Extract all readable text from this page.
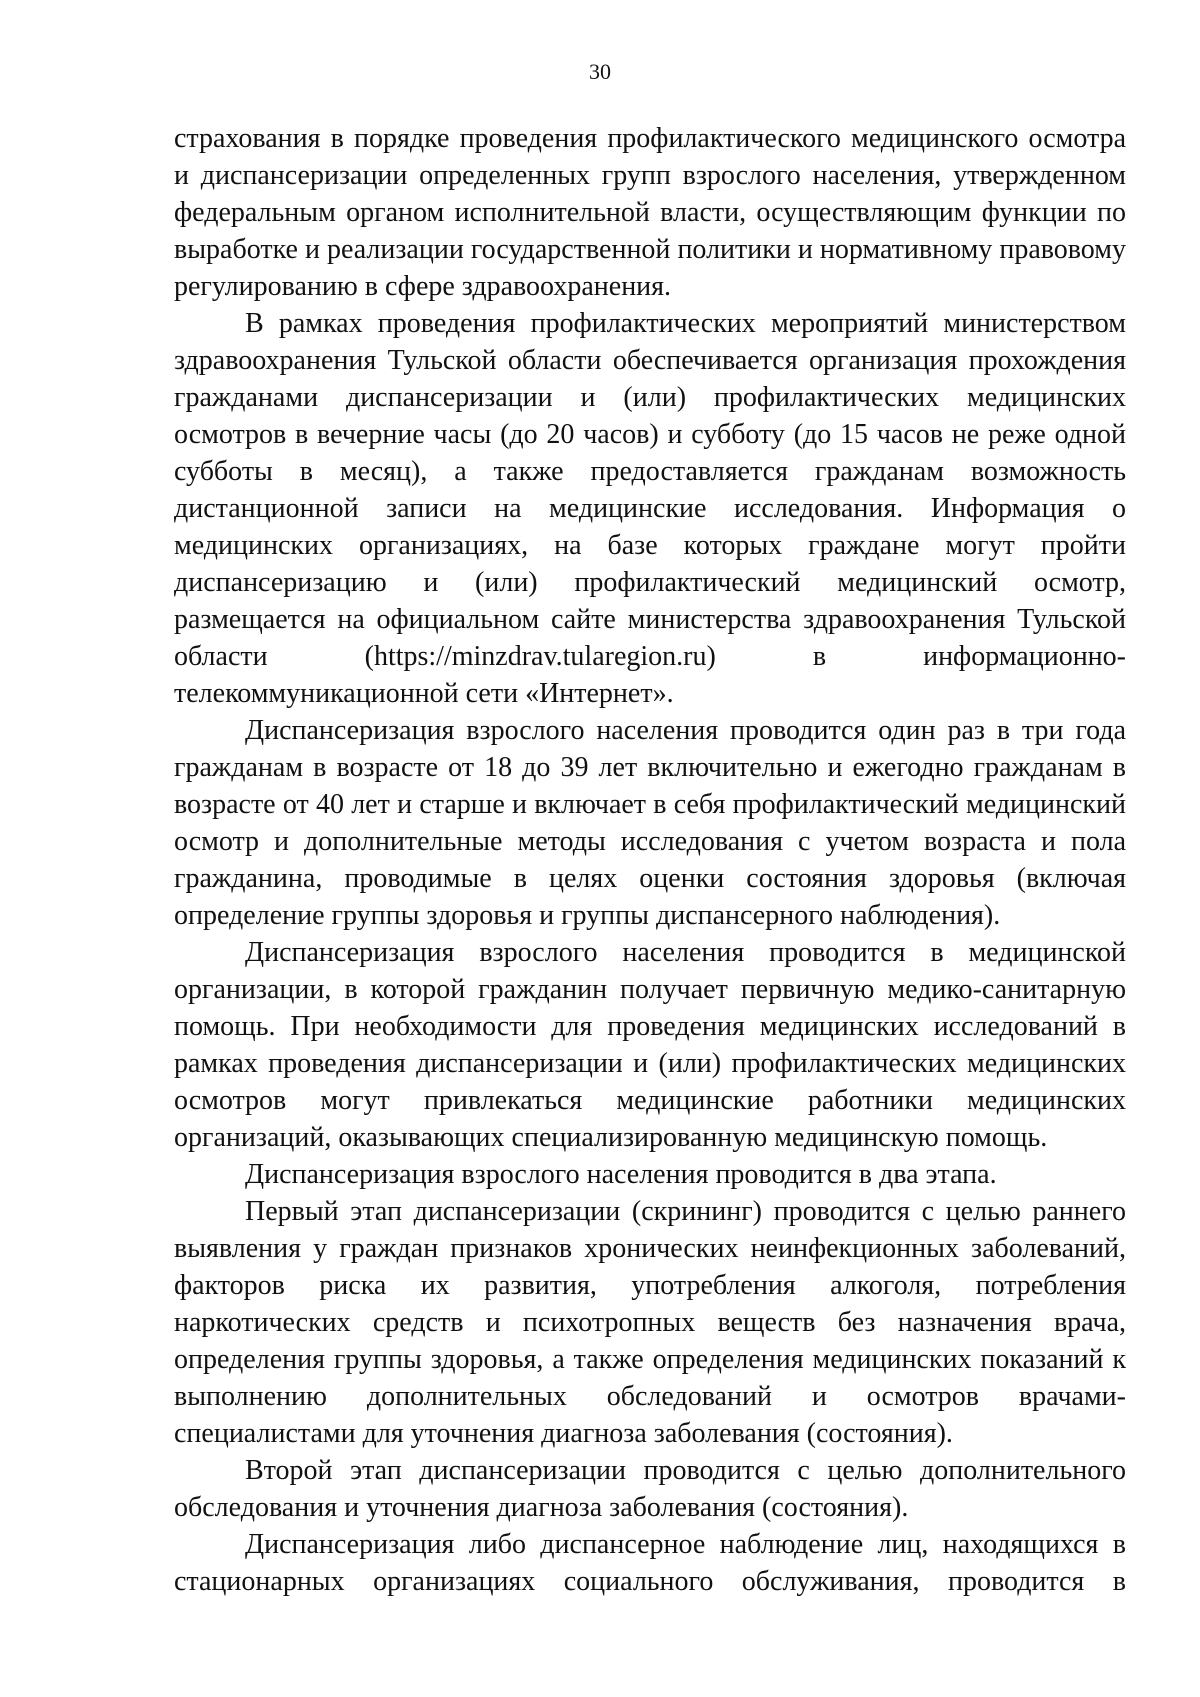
30

страхования в порядке проведения профилактического медицинского осмотра и диспансеризации определенных групп взрослого населения, утвержденном федеральным органом исполнительной власти, осуществляющим функции по выработке и реализации государственной политики и нормативному правовому регулированию в сфере здравоохранения.

В рамках проведения профилактических мероприятий министерством здравоохранения Тульской области обеспечивается организация прохождения гражданами диспансеризации и (или) профилактических медицинских осмотров в вечерние часы (до 20 часов) и субботу (до 15 часов не реже одной субботы в месяц), а также предоставляется гражданам возможность дистанционной записи на медицинские исследования. Информация о медицинских организациях, на базе которых граждане могут пройти диспансеризацию и (или) профилактический медицинский осмотр, размещается на официальном сайте министерства здравоохранения Тульской области (https://minzdrav.tularegion.ru) в информационно-телекоммуникационной сети «Интернет».

Диспансеризация взрослого населения проводится один раз в три года гражданам в возрасте от 18 до 39 лет включительно и ежегодно гражданам в возрасте от 40 лет и старше и включает в себя профилактический медицинский осмотр и дополнительные методы исследования с учетом возраста и пола гражданина, проводимые в целях оценки состояния здоровья (включая определение группы здоровья и группы диспансерного наблюдения).

Диспансеризация взрослого населения проводится в медицинской организации, в которой гражданин получает первичную медико-санитарную помощь. При необходимости для проведения медицинских исследований в рамках проведения диспансеризации и (или) профилактических медицинских осмотров могут привлекаться медицинские работники медицинских организаций, оказывающих специализированную медицинскую помощь.

Диспансеризация взрослого населения проводится в два этапа.

Первый этап диспансеризации (скрининг) проводится с целью раннего выявления у граждан признаков хронических неинфекционных заболеваний, факторов риска их развития, употребления алкоголя, потребления наркотических средств и психотропных веществ без назначения врача, определения группы здоровья, а также определения медицинских показаний к выполнению дополнительных обследований и осмотров врачами-специалистами для уточнения диагноза заболевания (состояния).

Второй этап диспансеризации проводится с целью дополнительного обследования и уточнения диагноза заболевания (состояния).

Диспансеризация либо диспансерное наблюдение лиц, находящихся в стационарных организациях социального обслуживания, проводится в
